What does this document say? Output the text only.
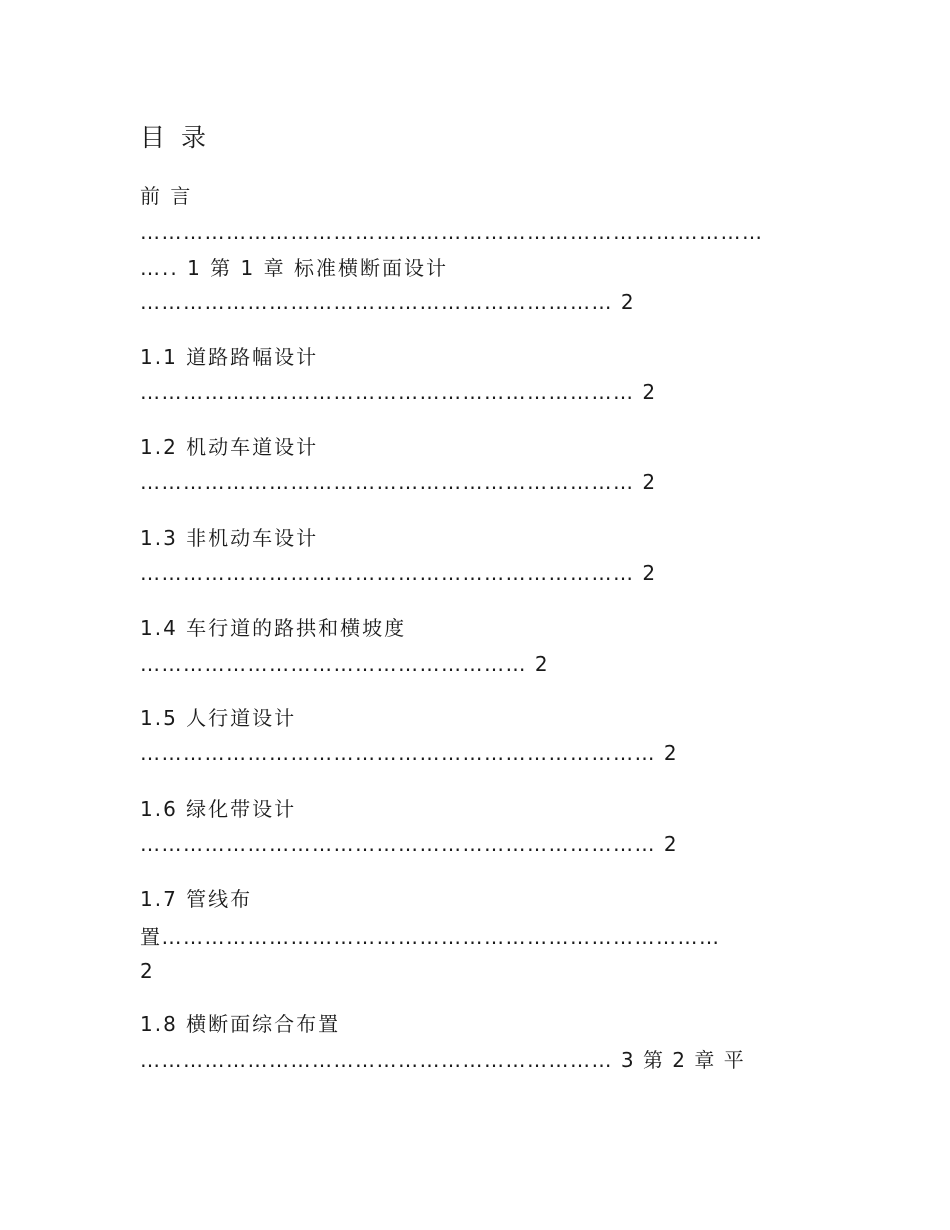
目 录
前 言
……………………………………………………………………………
….. 1 第 1 章 标准横断面设计
………………………………………………………… 2
1.1 道路路幅设计
…………………………………………………………… 2
1.2 机动车道设计
…………………………………………………………… 2
1.3 非机动车设计
…………………………………………………………… 2
1.4 车行道的路拱和横坡度
……………………………………………… 2
1.5 人行道设计
……………………………………………………………… 2
1.6 绿化带设计
……………………………………………………………… 2
1.7 管线布
置……………………………………………………………………
2
1.8 横断面综合布置
………………………………………………………… 3 第 2 章 平
